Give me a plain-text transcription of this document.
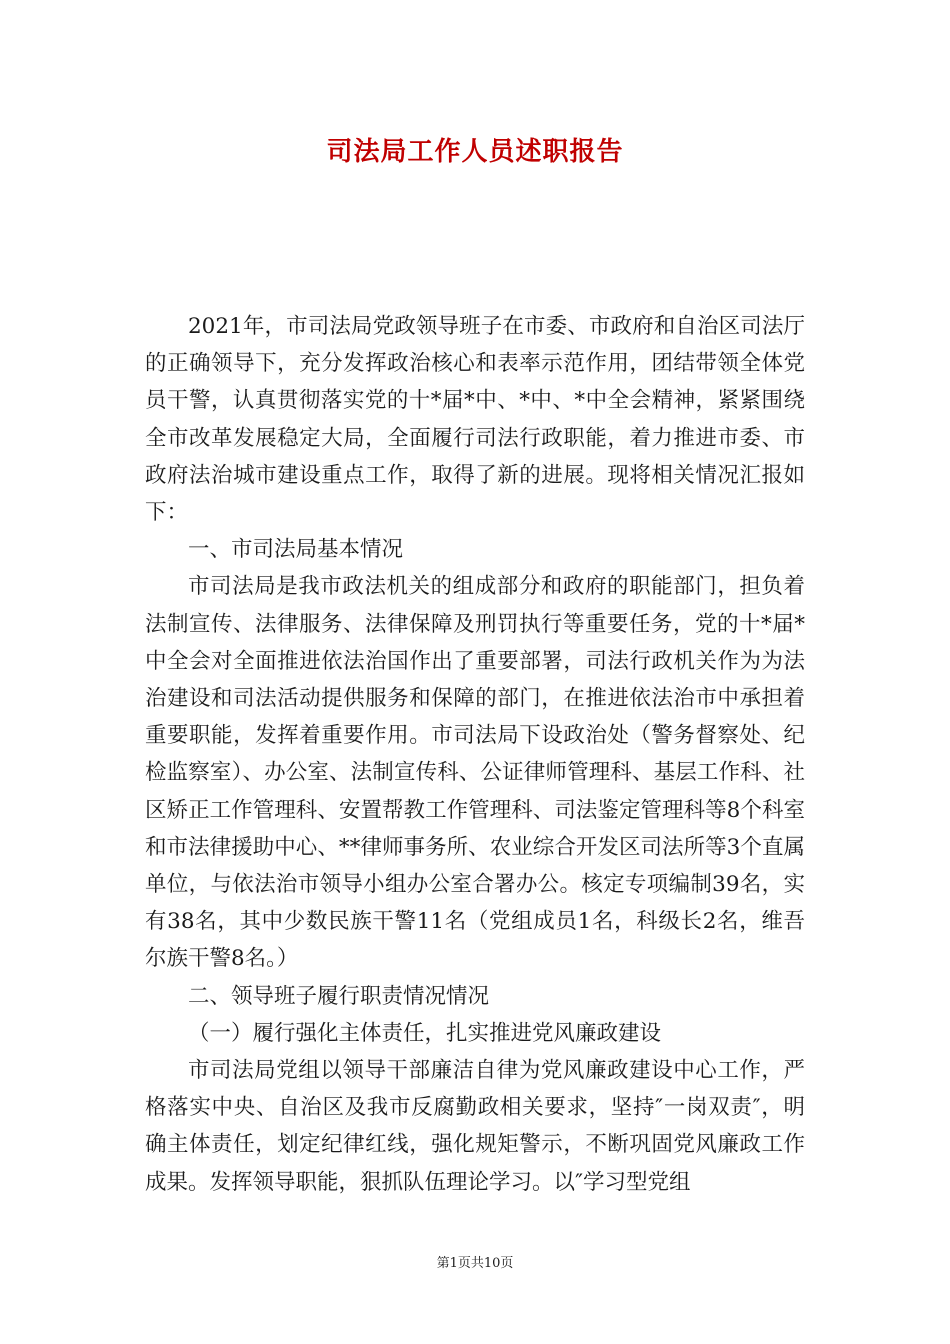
司法局工作人员述职报告

2021年，市司法局党政领导班子在市委、市政府和自治区司法厅的正确领导下，充分发挥政治核心和表率示范作用，团结带领全体党员干警，认真贯彻落实党的十*届*中、*中、*中全会精神，紧紧围绕全市改革发展稳定大局，全面履行司法行政职能，着力推进市委、市政府法治城市建设重点工作，取得了新的进展。现将相关情况汇报如下：

一、市司法局基本情况

市司法局是我市政法机关的组成部分和政府的职能部门，担负着法制宣传、法律服务、法律保障及刑罚执行等重要任务，党的十*届*中全会对全面推进依法治国作出了重要部署，司法行政机关作为为法治建设和司法活动提供服务和保障的部门，在推进依法治市中承担着重要职能，发挥着重要作用。市司法局下设政治处（警务督察处、纪检监察室）、办公室、法制宣传科、公证律师管理科、基层工作科、社区矫正工作管理科、安置帮教工作管理科、司法鉴定管理科等8个科室和市法律援助中心、**律师事务所、农业综合开发区司法所等3个直属单位，与依法治市领导小组办公室合署办公。核定专项编制39名，实有38名，其中少数民族干警11名（党组成员1名，科级长2名，维吾尔族干警8名。）

二、领导班子履行职责情况情况

（一）履行强化主体责任，扎实推进党风廉政建设

市司法局党组以领导干部廉洁自律为党风廉政建设中心工作，严格落实中央、自治区及我市反腐勤政相关要求，坚持″一岗双责″，明确主体责任，划定纪律红线，强化规矩警示，不断巩固党风廉政工作成果。发挥领导职能，狠抓队伍理论学习。以″学习型党组

第1页共10页
